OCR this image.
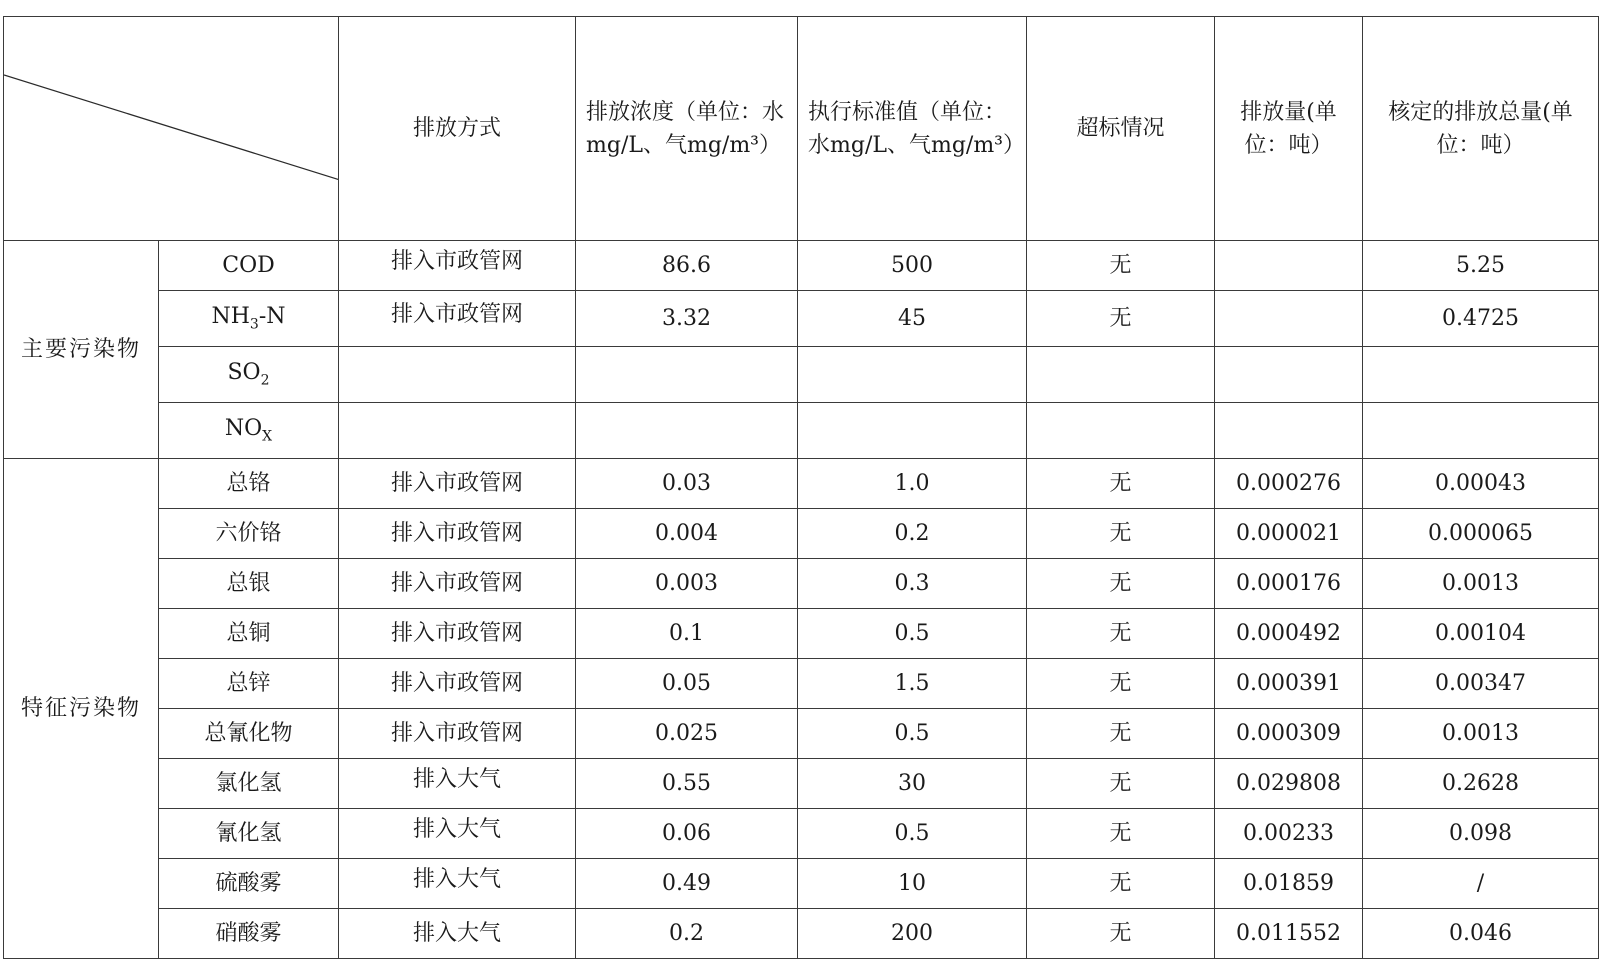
	排放方式	排放浓度（单位：水mg/L、气mg/m³）	执行标准值（单位：水mg/L、气mg/m³）	超标情况	排放量(单位：吨）	核定的排放总量(单位：吨）
主要污染物	COD	排入市政管网	86.6	500	无		5.25
	$NH_3-N$	排入市政管网	3.32	45	无		0.4725
	$SO_2$						
	$NO_X$						
特征污染物	总铬	排入市政管网	0.03	1.0	无	0.000276	0.00043
	六价铬	排入市政管网	0.004	0.2	无	0.000021	0.000065
	总银	排入市政管网	0.003	0.3	无	0.000176	0.0013
	总铜	排入市政管网	0.1	0.5	无	0.000492	0.00104
	总锌	排入市政管网	0.05	1.5	无	0.000391	0.00347
	总氰化物	排入市政管网	0.025	0.5	无	0.000309	0.0013
	氯化氢	排入大气	0.55	30	无	0.029808	0.2628
	氰化氢	排入大气	0.06	0.5	无	0.00233	0.098
	硫酸雾	排入大气	0.49	10	无	0.01859	/
	硝酸雾	排入大气	0.2	200	无	0.011552	0.046
